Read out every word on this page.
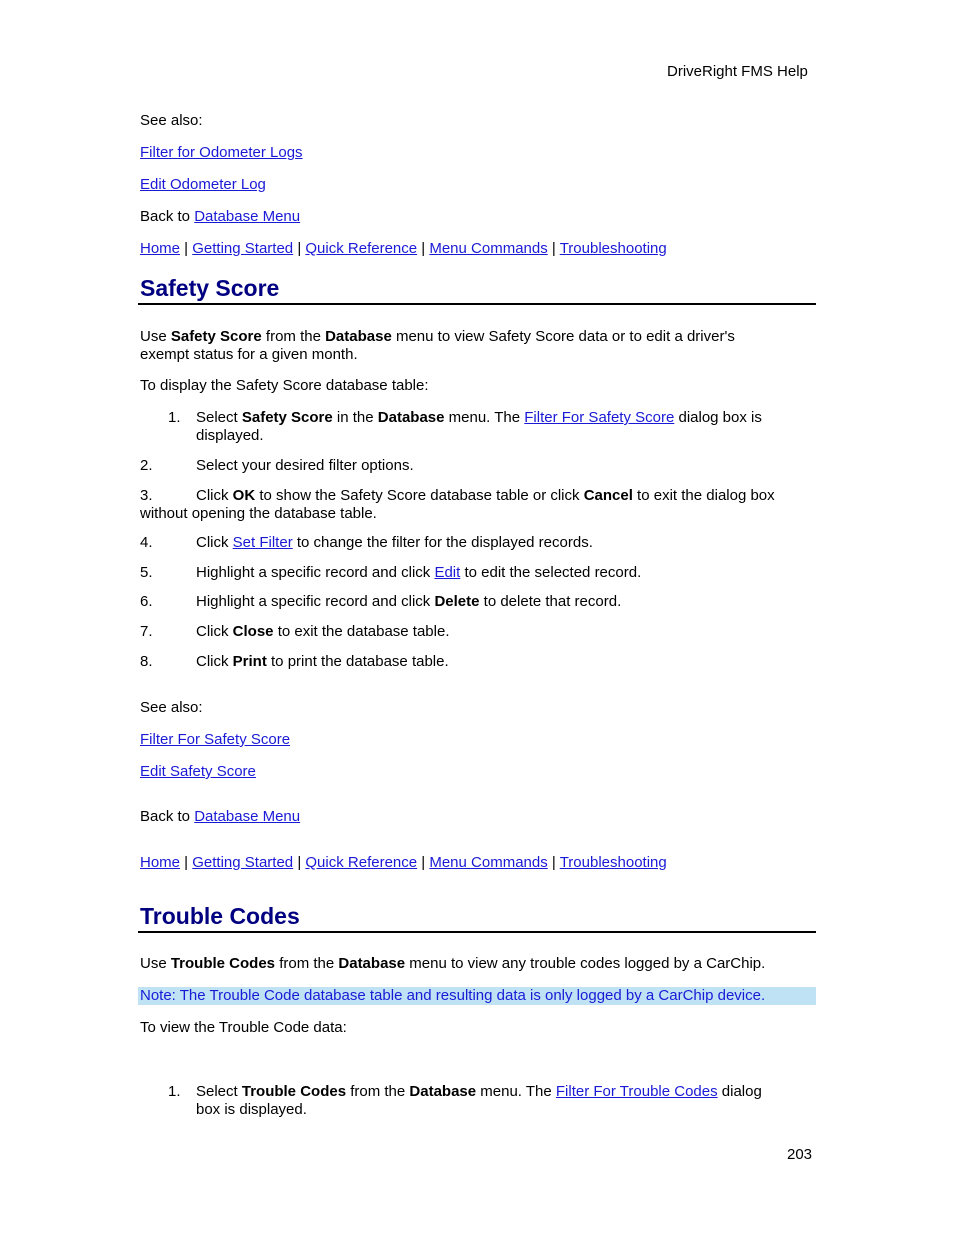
DriveRight FMS Help
See also:
Filter for Odometer Logs
Edit Odometer Log
Back to Database Menu
Home | Getting Started | Quick Reference | Menu Commands | Troubleshooting
Safety Score
Use Safety Score from the Database menu to view Safety Score data or to edit a driver's
exempt status for a given month.
To display the Safety Score database table:
1. Select Safety Score in the Database menu. The Filter For Safety Score dialog box is
displayed.
2.	Select your desired filter options.
3.	Click OK to show the Safety Score database table or click Cancel to exit the dialog box
without opening the database table.
4.	Click Set Filter to change the filter for the displayed records.
5.	Highlight a specific record and click Edit to edit the selected record.
6.	Highlight a specific record and click Delete to delete that record.
7.	Click Close to exit the database table.
8.	Click Print to print the database table.
See also:
Filter For Safety Score
Edit Safety Score
Back to Database Menu
Home | Getting Started | Quick Reference | Menu Commands | Troubleshooting
Trouble Codes
Use Trouble Codes from the Database menu to view any trouble codes logged by a CarChip.
Note: The Trouble Code database table and resulting data is only logged by a CarChip device.
To view the Trouble Code data:
1. Select Trouble Codes from the Database menu. The Filter For Trouble Codes dialog
box is displayed.
203
